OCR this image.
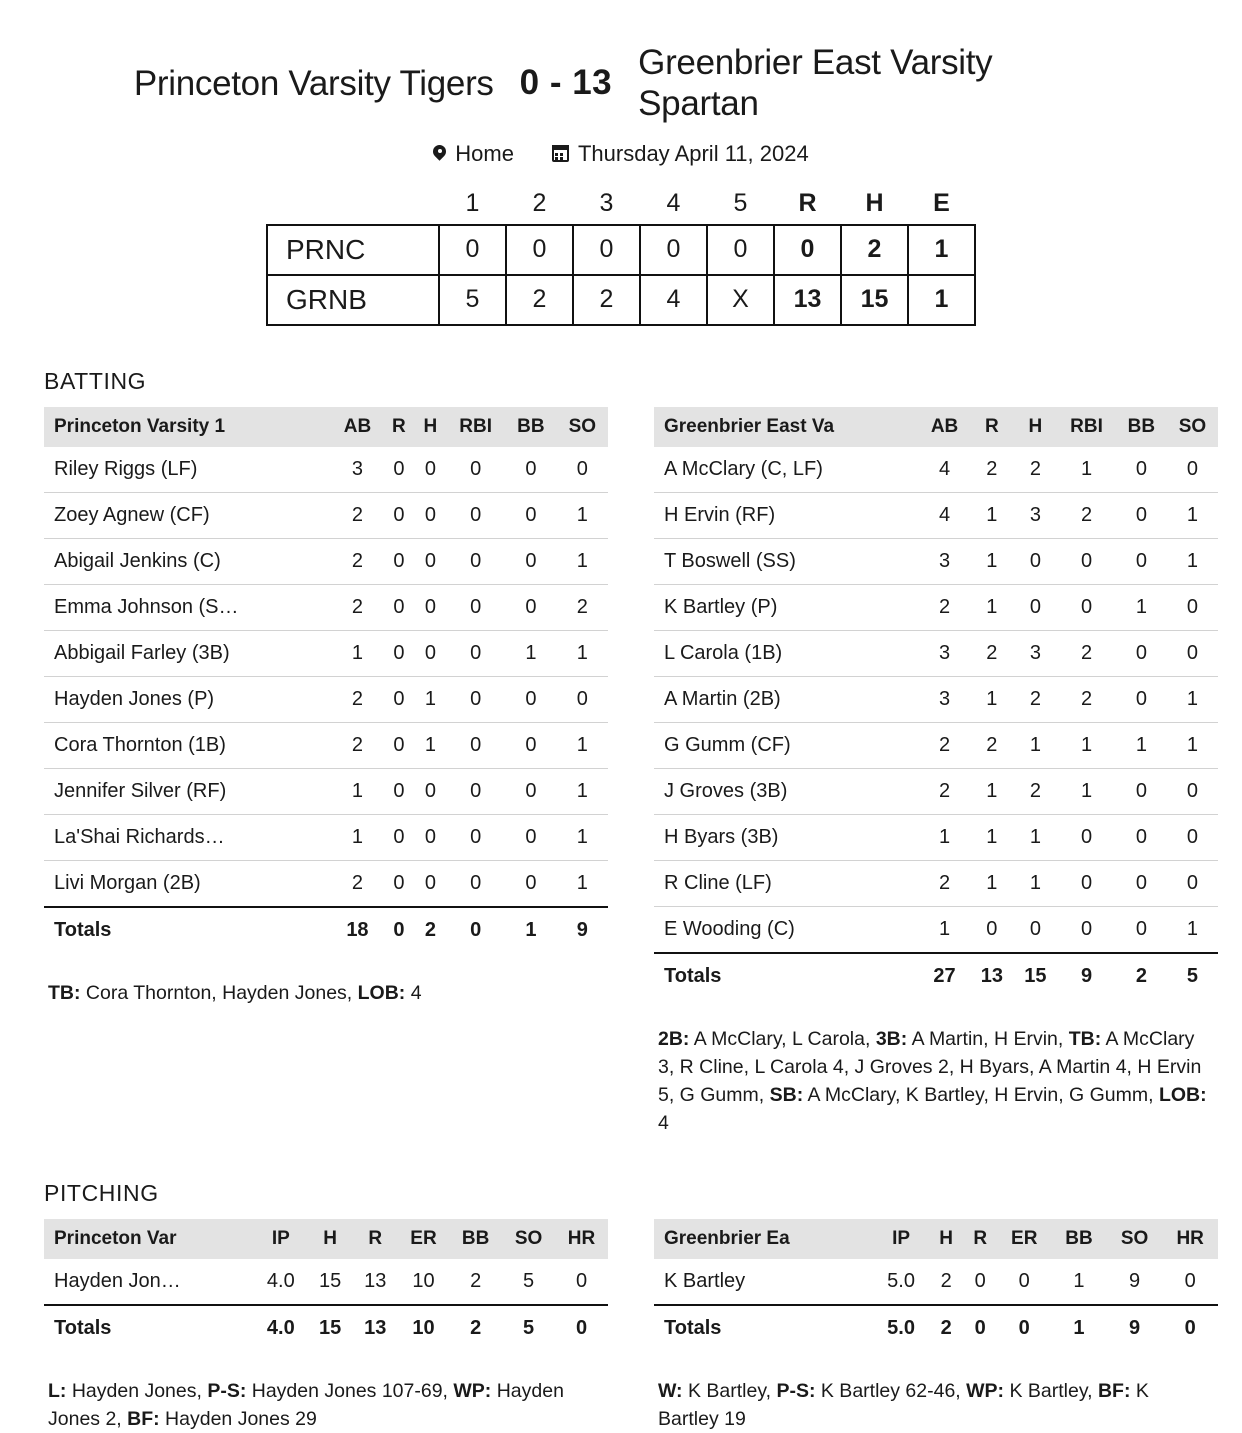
Princeton Varsity Tigers 0 - 13
Greenbrier East Varsity Spartan
Home	Thursday April 11, 2024
	1	2	3	4	5	R	H	E
PRNC	0	0	0	0	0	0	2	1
GRNB	5	2	2	4	X	13	15	1
BATTING
Princeton Varsity 1	AB	R	H	RBI	BB	SO
Riley Riggs (LF)	3	0	0	0	0	0
Zoey Agnew (CF)	2	0	0	0	0	1
Abigail Jenkins (C)	2	0	0	0	0	1
Emma Johnson (S…	2	0	0	0	0	2
Abbigail Farley (3B)	1	0	0	0	1	1
Hayden Jones (P)	2	0	1	0	0	0
Cora Thornton (1B)	2	0	1	0	0	1
Jennifer Silver (RF)	1	0	0	0	0	1
La'Shai Richards…	1	0	0	0	0	1
Livi Morgan (2B)	2	0	0	0	0	1
Totals	18	0	2	0	1	9
TB: Cora Thornton, Hayden Jones, LOB: 4
Greenbrier East Va	AB	R	H	RBI	BB	SO
A McClary (C, LF)	4	2	2	1	0	0
H Ervin (RF)	4	1	3	2	0	1
T Boswell (SS)	3	1	0	0	0	1
K Bartley (P)	2	1	0	0	1	0
L Carola (1B)	3	2	3	2	0	0
A Martin (2B)	3	1	2	2	0	1
G Gumm (CF)	2	2	1	1	1	1
J Groves (3B)	2	1	2	1	0	0
H Byars (3B)	1	1	1	0	0	0
R Cline (LF)	2	1	1	0	0	0
E Wooding (C)	1	0	0	0	0	1
Totals	27	13	15	9	2	5
2B: A McClary, L Carola, 3B: A Martin, H Ervin, TB: A McClary 3, R Cline, L Carola 4, J Groves 2, H Byars, A Martin 4, H Ervin 5, G Gumm, SB: A McClary, K Bartley, H Ervin, G Gumm, LOB: 4
PITCHING
Princeton Var	IP	H	R	ER	BB	SO	HR
Hayden Jon…	4.0	15	13	10	2	5	0
Totals	4.0	15	13	10	2	5	0
L: Hayden Jones, P-S: Hayden Jones 107-69, WP: Hayden Jones 2, BF: Hayden Jones 29
Greenbrier Ea	IP	H	R	ER	BB	SO	HR
K Bartley	5.0	2	0	0	1	9	0
Totals	5.0	2	0	0	1	9	0
W: K Bartley, P-S: K Bartley 62-46, WP: K Bartley, BF: K Bartley 19
